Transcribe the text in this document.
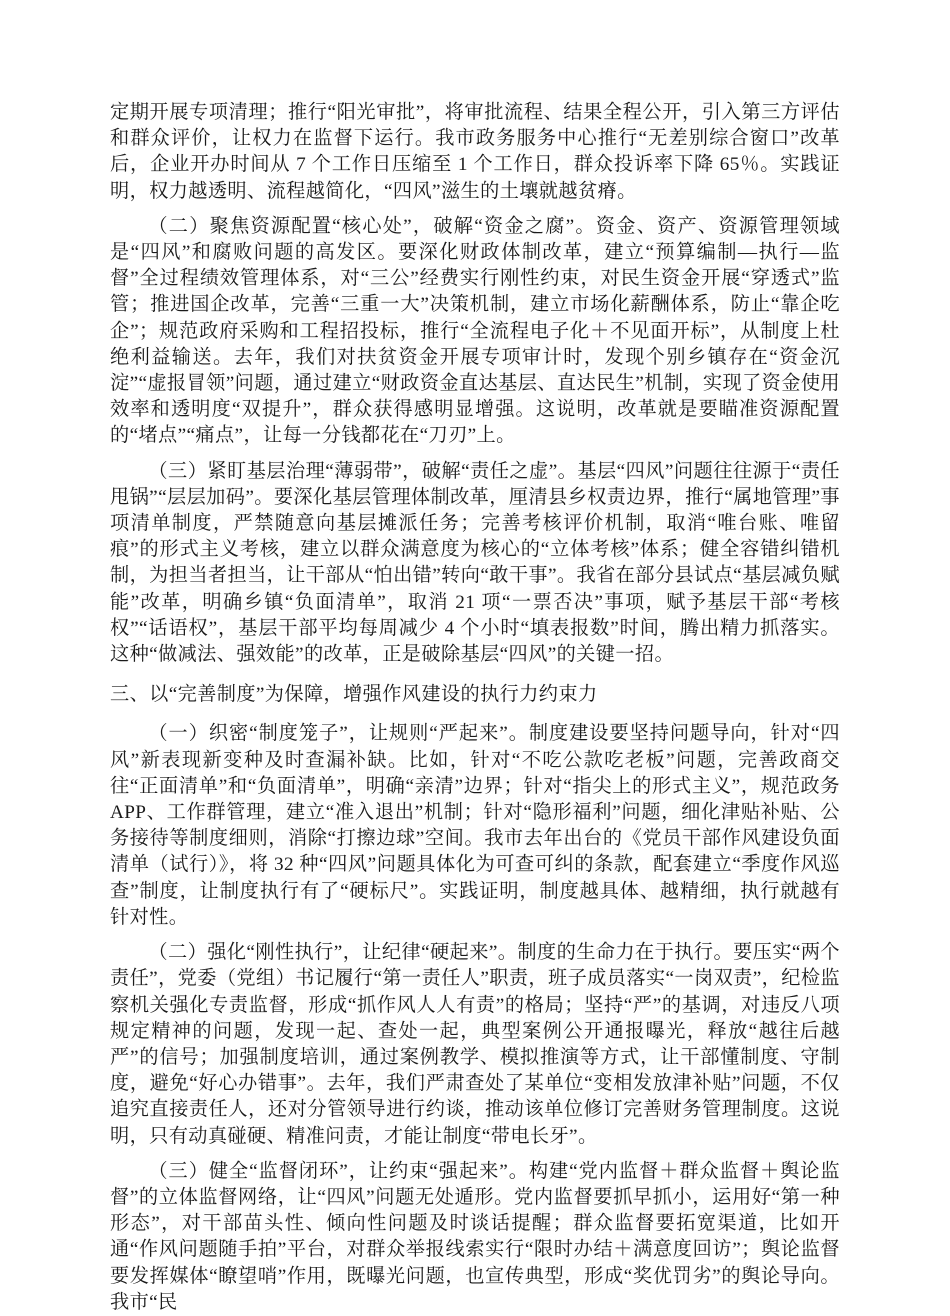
定期开展专项清理；推行“阳光审批”，将审批流程、结果全程公开，引入第三方评估和群众评价，让权力在监督下运行。我市政务服务中心推行“无差别综合窗口”改革后，企业开办时间从 7 个工作日压缩至 1 个工作日，群众投诉率下降 65％。实践证明，权力越透明、流程越简化，“四风”滋生的土壤就越贫瘠。

（二）聚焦资源配置“核心处”，破解“资金之腐”。资金、资产、资源管理领域是“四风”和腐败问题的高发区。要深化财政体制改革，建立“预算编制—执行—监督”全过程绩效管理体系，对“三公”经费实行刚性约束，对民生资金开展“穿透式”监管；推进国企改革，完善“三重一大”决策机制，建立市场化薪酬体系，防止“靠企吃企”；规范政府采购和工程招投标，推行“全流程电子化＋不见面开标”，从制度上杜绝利益输送。去年，我们对扶贫资金开展专项审计时，发现个别乡镇存在“资金沉淀”“虚报冒领”问题，通过建立“财政资金直达基层、直达民生”机制，实现了资金使用效率和透明度“双提升”，群众获得感明显增强。这说明，改革就是要瞄准资源配置的“堵点”“痛点”，让每一分钱都花在“刀刃”上。

（三）紧盯基层治理“薄弱带”，破解“责任之虚”。基层“四风”问题往往源于“责任甩锅”“层层加码”。要深化基层管理体制改革，厘清县乡权责边界，推行“属地管理”事项清单制度，严禁随意向基层摊派任务；完善考核评价机制，取消“唯台账、唯留痕”的形式主义考核，建立以群众满意度为核心的“立体考核”体系；健全容错纠错机制，为担当者担当，让干部从“怕出错”转向“敢干事”。我省在部分县试点“基层减负赋能”改革，明确乡镇“负面清单”，取消 21 项“一票否决”事项，赋予基层干部“考核权”“话语权”，基层干部平均每周减少 4 个小时“填表报数”时间，腾出精力抓落实。这种“做减法、强效能”的改革，正是破除基层“四风”的关键一招。

三、以“完善制度”为保障，增强作风建设的执行力约束力

（一）织密“制度笼子”，让规则“严起来”。制度建设要坚持问题导向，针对“四风”新表现新变种及时查漏补缺。比如，针对“不吃公款吃老板”问题，完善政商交往“正面清单”和“负面清单”，明确“亲清”边界；针对“指尖上的形式主义”，规范政务 APP、工作群管理，建立“准入退出”机制；针对“隐形福利”问题，细化津贴补贴、公务接待等制度细则，消除“打擦边球”空间。我市去年出台的《党员干部作风建设负面清单（试行）》，将 32 种“四风”问题具体化为可查可纠的条款，配套建立“季度作风巡查”制度，让制度执行有了“硬标尺”。实践证明，制度越具体、越精细，执行就越有针对性。

（二）强化“刚性执行”，让纪律“硬起来”。制度的生命力在于执行。要压实“两个责任”，党委（党组）书记履行“第一责任人”职责，班子成员落实“一岗双责”，纪检监察机关强化专责监督，形成“抓作风人人有责”的格局；坚持“严”的基调，对违反八项规定精神的问题，发现一起、查处一起，典型案例公开通报曝光，释放“越往后越严”的信号；加强制度培训，通过案例教学、模拟推演等方式，让干部懂制度、守制度，避免“好心办错事”。去年，我们严肃查处了某单位“变相发放津补贴”问题，不仅追究直接责任人，还对分管领导进行约谈，推动该单位修订完善财务管理制度。这说明，只有动真碰硬、精准问责，才能让制度“带电长牙”。

（三）健全“监督闭环”，让约束“强起来”。构建“党内监督＋群众监督＋舆论监督”的立体监督网络，让“四风”问题无处遁形。党内监督要抓早抓小，运用好“第一种形态”，对干部苗头性、倾向性问题及时谈话提醒；群众监督要拓宽渠道，比如开通“作风问题随手拍”平台，对群众举报线索实行“限时办结＋满意度回访”；舆论监督要发挥媒体“瞭望哨”作用，既曝光问题，也宣传典型，形成“奖优罚劣”的舆论导向。我市“民
